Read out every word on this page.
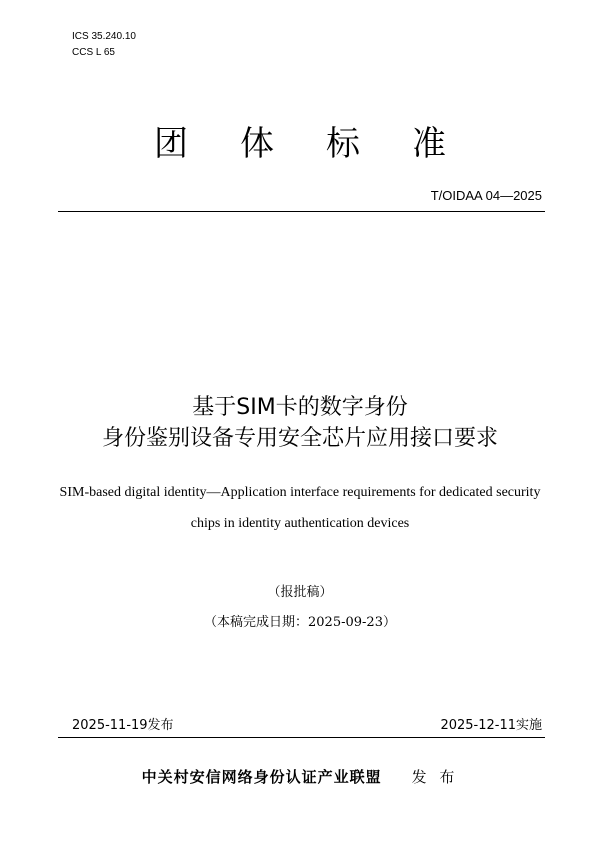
ICS 35.240.10
CCS L 65
团 体 标 准
T/OIDAA 04—2025
基于SIM卡的数字身份
身份鉴别设备专用安全芯片应用接口要求
SIM-based digital identity—Application interface requirements for dedicated security
chips in identity authentication devices
（报批稿）
（本稿完成日期：2025-09-23）
2025-11-19发布	2025-12-11实施
中关村安信网络身份认证产业联盟 发 布
